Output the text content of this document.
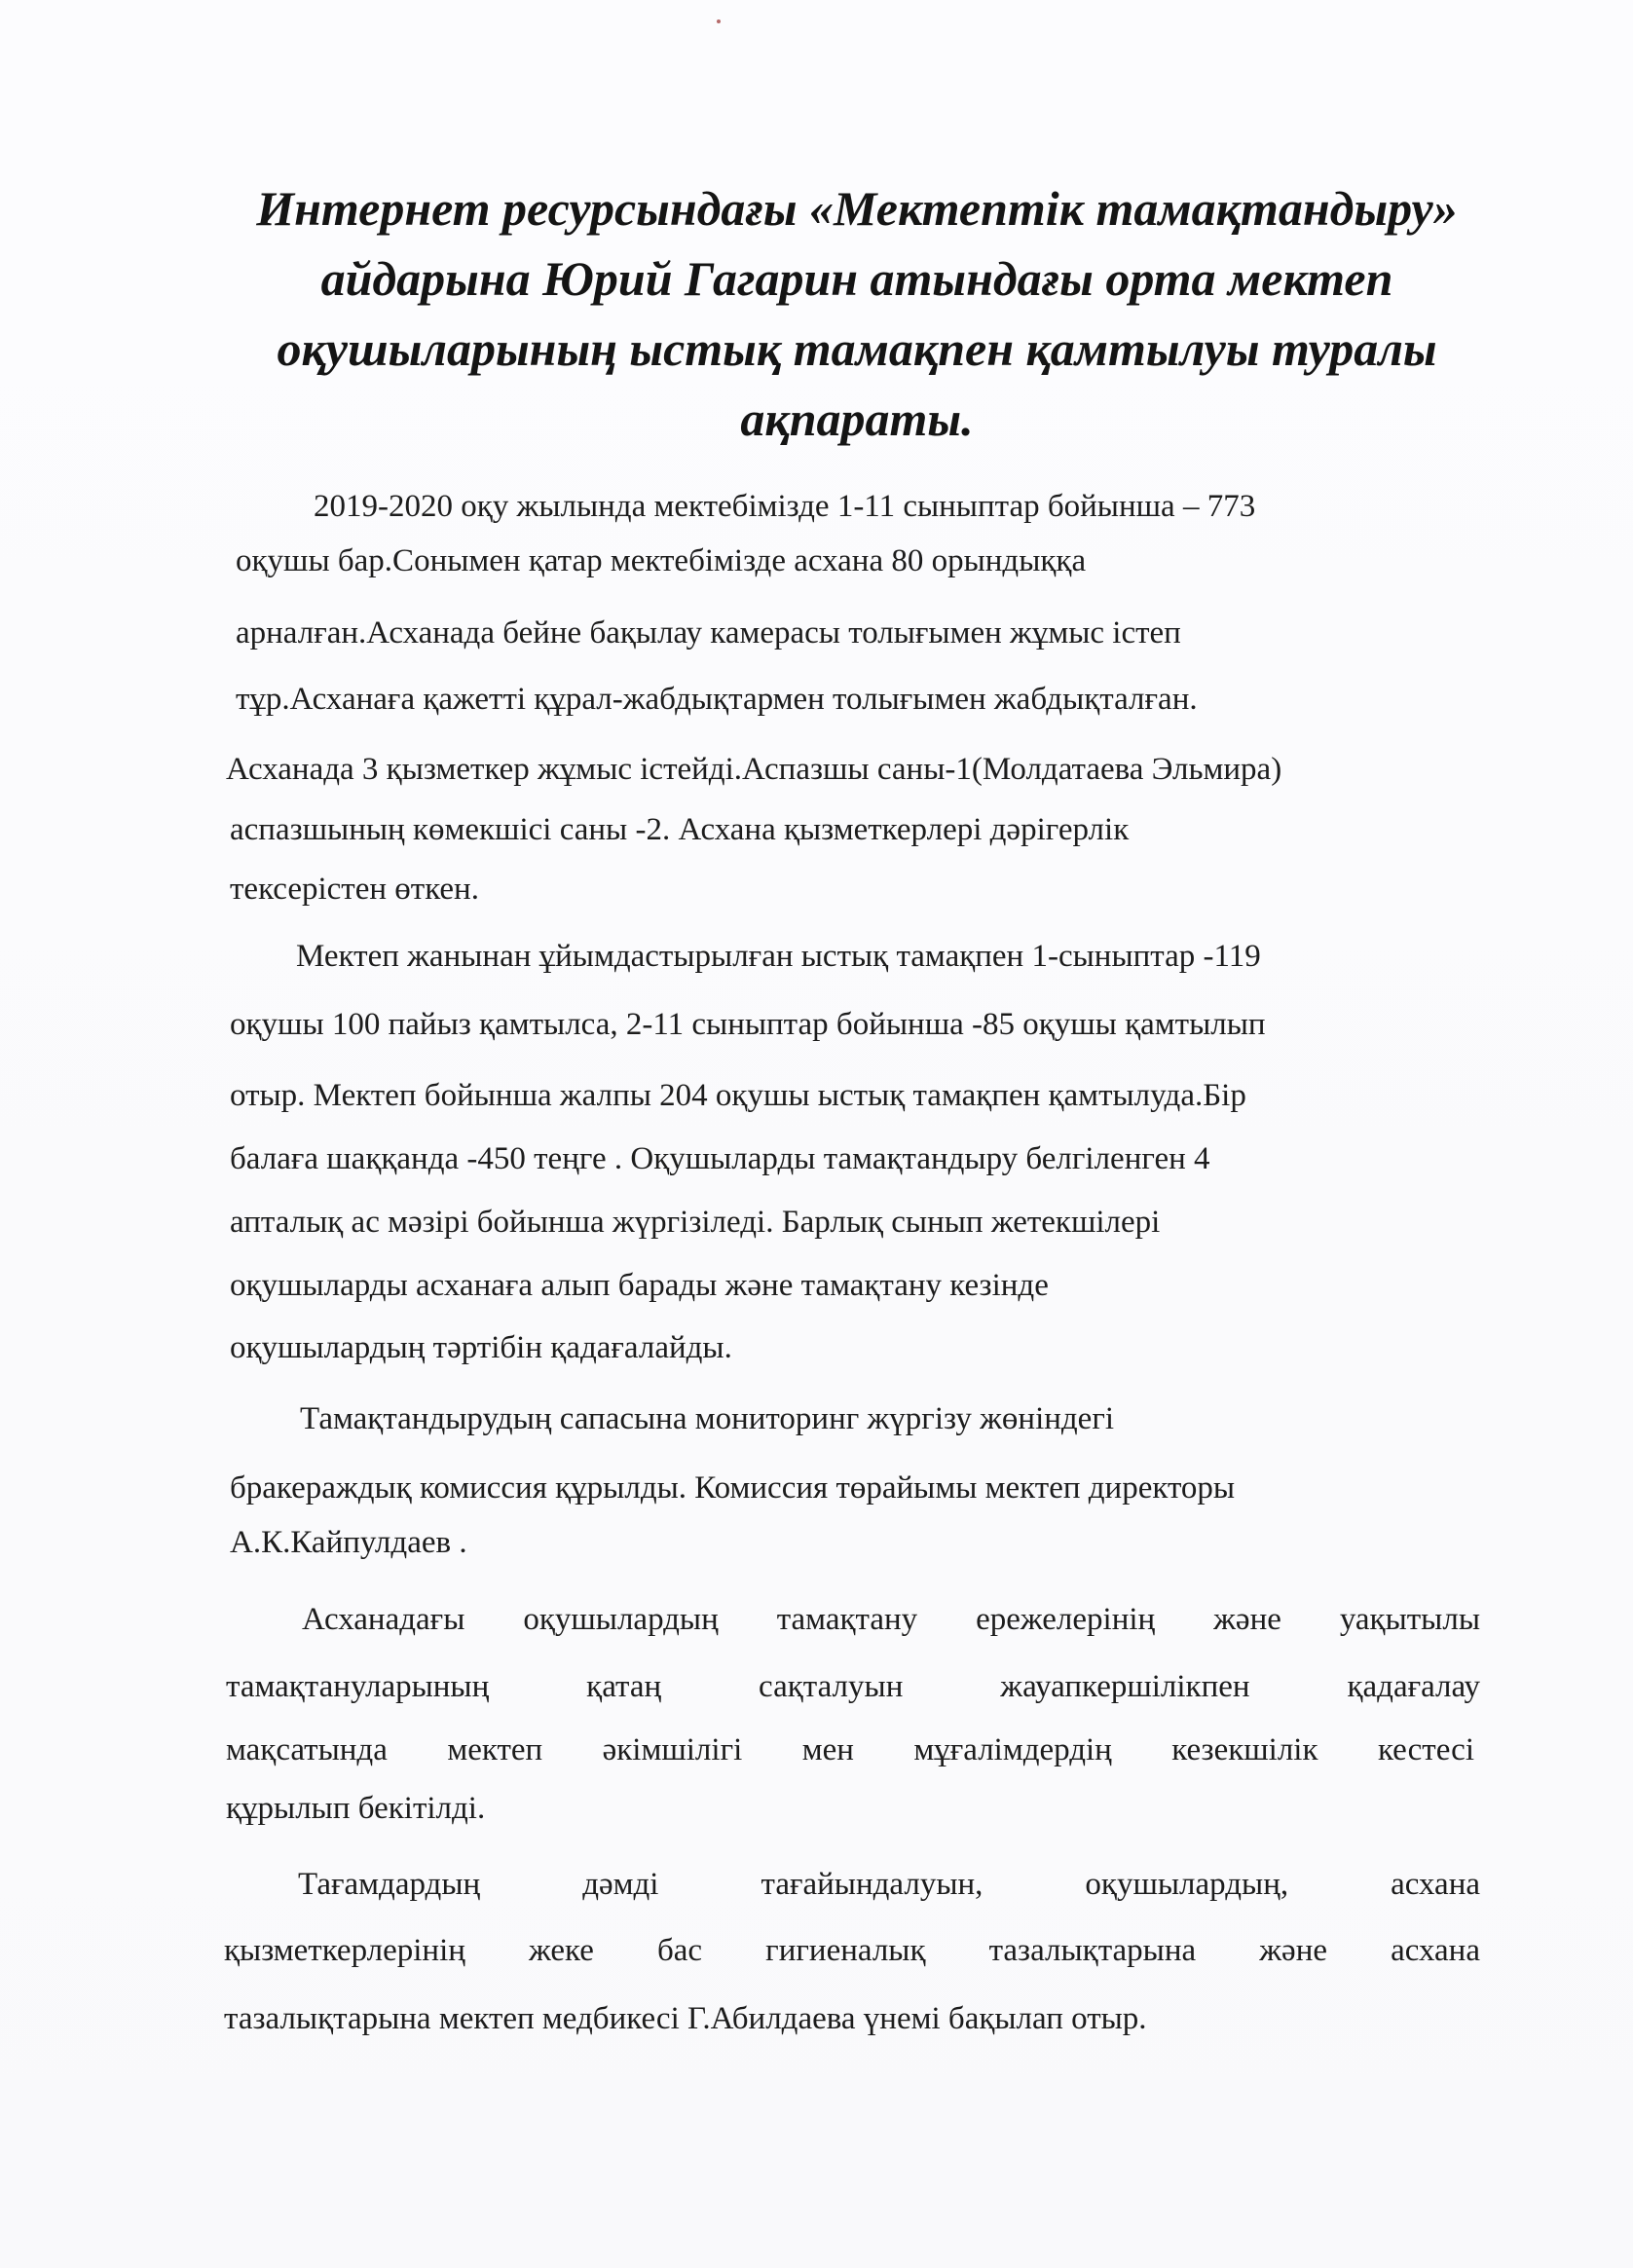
Интернет ресурсындағы «Мектептік тамақтандыру»
айдарына Юрий Гагарин атындағы орта мектеп
оқушыларының ыстық тамақпен қамтылуы туралы
ақпараты.

2019-2020 оқу жылында мектебімізде 1-11 сыныптар бойынша – 773

оқушы бар.Сонымен қатар мектебімізде асхана 80 орындыққа

арналған.Асханада бейне бақылау камерасы толығымен жұмыс істеп

тұр.Асханаға қажетті құрал-жабдықтармен толығымен жабдықталған.

Асханада 3 қызметкер жұмыс істейді.Аспазшы саны-1(Молдатаева Эльмира)

аспазшының көмекшісі саны -2. Асхана қызметкерлері дәрігерлік

тексерістен өткен.

Мектеп жанынан ұйымдастырылған ыстық тамақпен 1-сыныптар -119

оқушы 100 пайыз қамтылса, 2-11 сыныптар бойынша -85 оқушы қамтылып

отыр. Мектеп бойынша жалпы 204 оқушы ыстық тамақпен қамтылуда.Бір

балаға шаққанда -450 теңге . Оқушыларды тамақтандыру белгіленген 4

апталық ас мәзірі бойынша жүргізіледі. Барлық сынып жетекшілері

оқушыларды асханаға алып барады және тамақтану кезінде

оқушылардың тәртібін қадағалайды.

Тамақтандырудың сапасына мониторинг жүргізу жөніндегі

бракераждық комиссия құрылды. Комиссия төрайымы мектеп директоры

А.К.Кайпулдаев .

Асханадағы оқушылардың тамақтану ережелерінің және уақытылы

тамақтануларының қатаң сақталуын жауапкершілікпен қадағалау

мақсатында мектеп әкімшілігі мен мұғалімдердің кезекшілік кестесі

құрылып бекітілді.

Тағамдардың дәмді тағайындалуын, оқушылардың, асхана

қызметкерлерінің жеке бас гигиеналық тазалықтарына және асхана

тазалықтарына мектеп медбикесі Г.Абилдаева үнемі бақылап отыр.
